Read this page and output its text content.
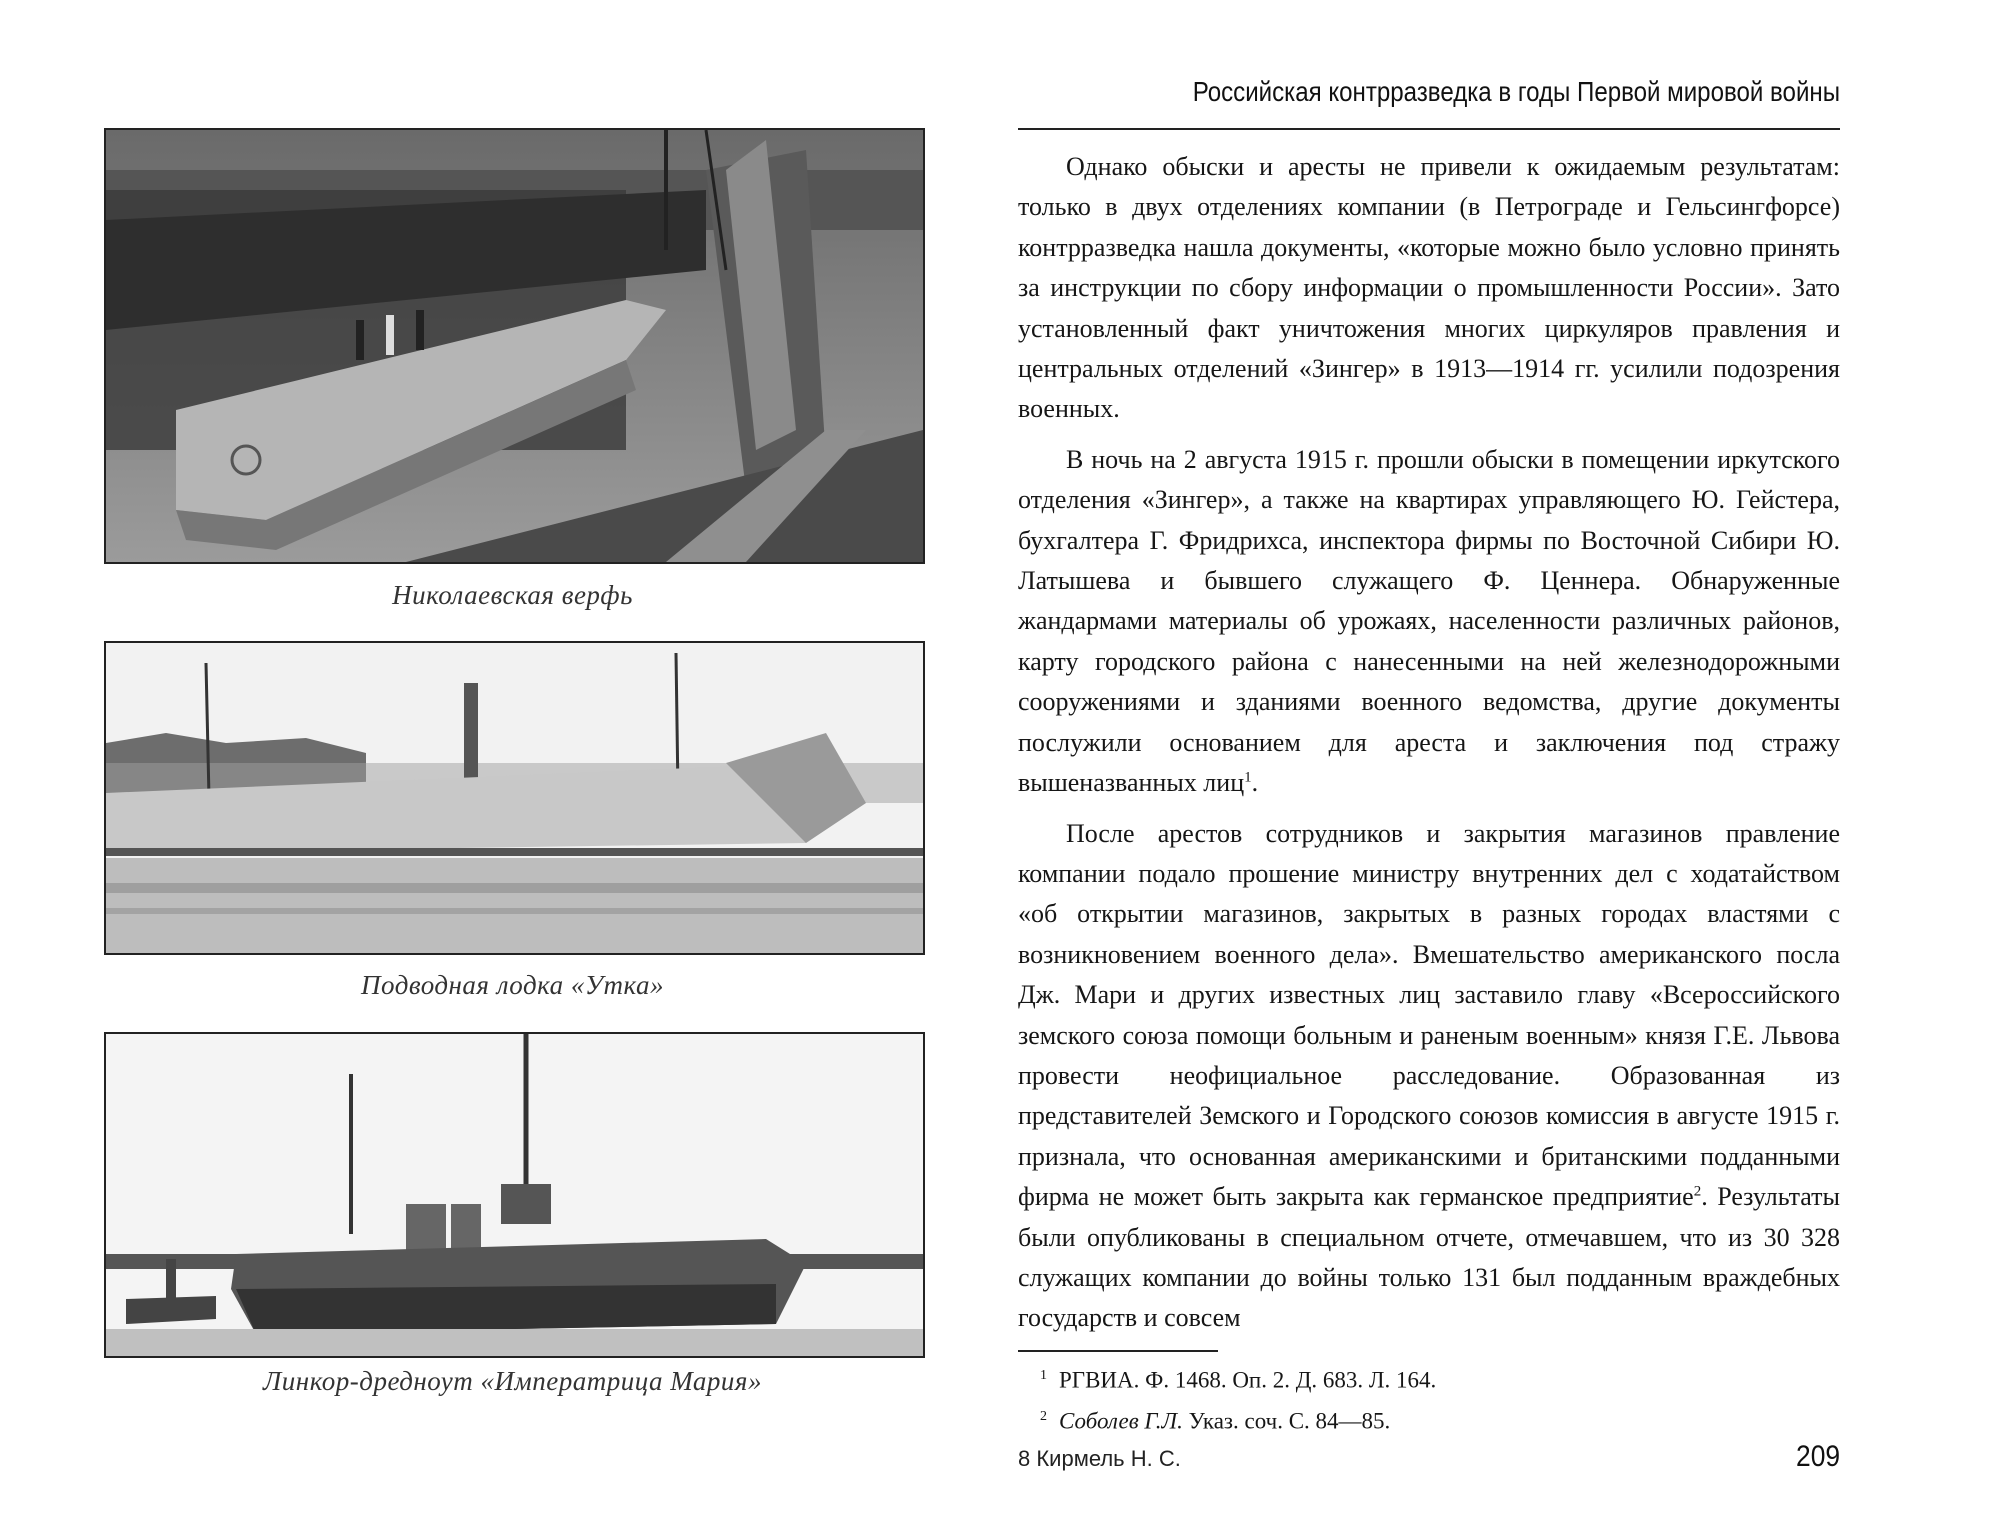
Николаевская верфь
Подводная лодка «Утка»
Линкор-дредноут «Императрица Мария»
Российская контрразведка в годы Первой мировой войны

Однако обыски и аресты не привели к ожидаемым результатам: только в двух отделениях компании (в Петрограде и Гельсингфорсе) контрразведка нашла документы, «которые можно было условно принять за инструкции по сбору информации о промышленности России». Зато установленный факт уничтожения многих циркуляров правления и центральных отделений «Зингер» в 1913—1914 гг. усилили подозрения военных.

В ночь на 2 августа 1915 г. прошли обыски в помещении иркутского отделения «Зингер», а также на квартирах управляющего Ю. Гейстера, бухгалтера Г. Фридрихса, инспектора фирмы по Восточной Сибири Ю. Латышева и бывшего служащего Ф. Ценнера. Обнаруженные жандармами материалы об урожаях, населенности различных районов, карту городского района с нанесенными на ней железнодорожными сооружениями и зданиями военного ведомства, другие документы послужили основанием для ареста и заключения под стражу вышеназванных лиц$^1$.

После арестов сотрудников и закрытия магазинов правление компании подало прошение министру внутренних дел с ходатайством «об открытии магазинов, закрытых в разных городах властями с возникновением военного дела». Вмешательство американского посла Дж. Мари и других известных лиц заставило главу «Всероссийского земского союза помощи больным и раненым военным» князя Г.Е. Львова провести неофициальное расследование. Образованная из представителей Земского и Городского союзов комиссия в августе 1915 г. признала, что основанная американскими и британскими подданными фирма не может быть закрыта как германское предприятие$^2$. Результаты были опубликованы в специальном отчете, отмечавшем, что из 30 328 служащих компании до войны только 131 был подданным враждебных государств и совсем

$^1$ РГВИА. Ф. 1468. Оп. 2. Д. 683. Л. 164.
$^2$ Соболев Г.Л. Указ. соч. С. 84—85.
8 Кирмель Н. С.	209
